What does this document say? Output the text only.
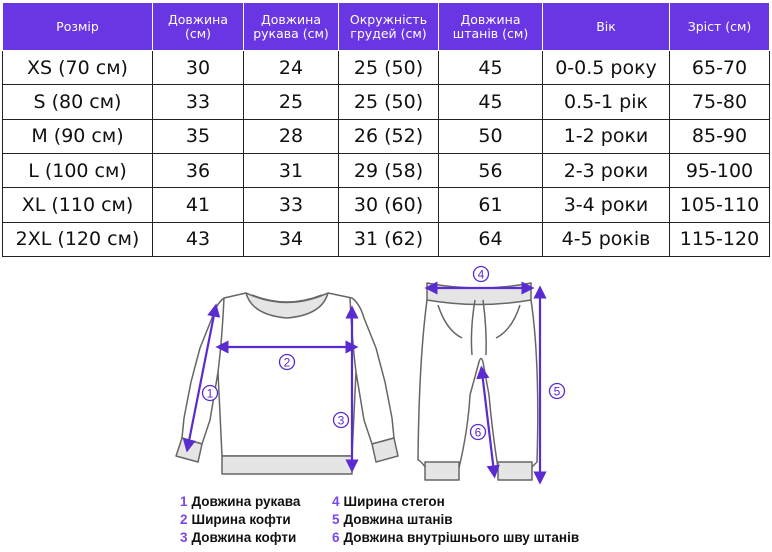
Розмір	Довжина (см)	Довжина рукава (см)	Окружність грудей (см)	Довжина штанів (см)	Вік	Зріст (см)
XS (70 см)	30	24	25 (50)	45	0-0.5 року	65-70
S (80 см)	33	25	25 (50)	45	0.5-1 рік	75-80
M (90 см)	35	28	26 (52)	50	1-2 роки	85-90
L (100 см)	36	31	29 (58)	56	2-3 роки	95-100
XL (110 см)	41	33	30 (60)	61	3-4 роки	105-110
2XL (120 см)	43	34	31 (62)	64	4-5 років	115-120
1
2
3
4
5
6
1 Довжина рукава
2 Ширина кофти
3 Довжина кофти
4 Ширина стегон
5 Довжина штанів
6 Довжина внутрішнього шву штанів
